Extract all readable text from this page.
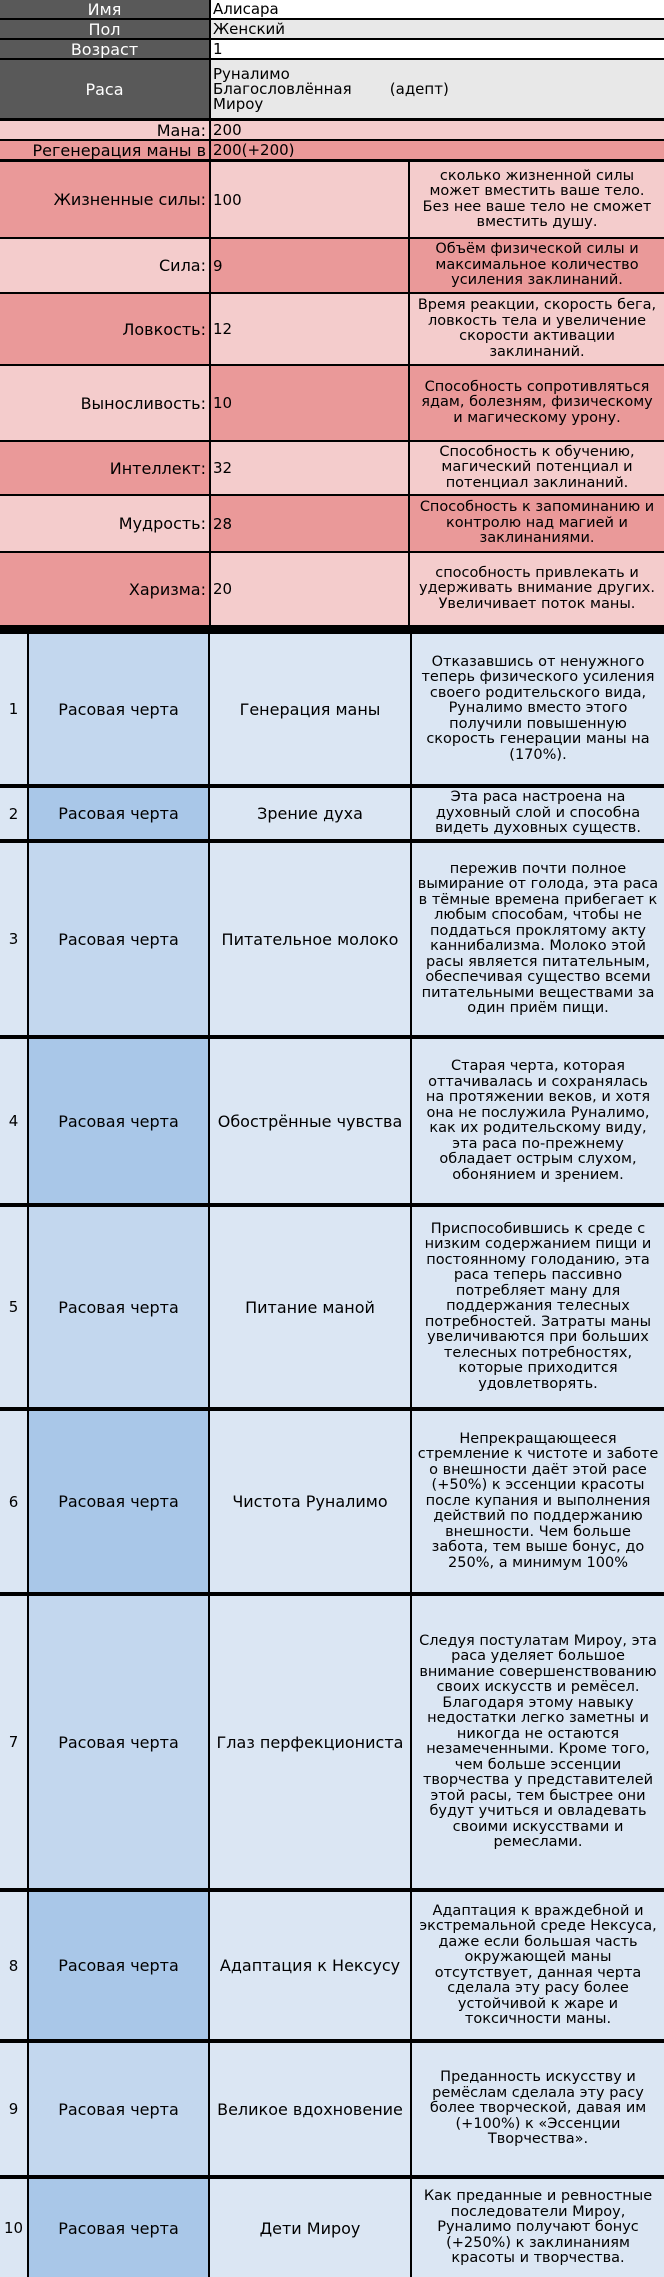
Имя	Алисара
Пол	Женский
Возраст	1
Раса
Руналимо
Благословлённая        (адепт)
Мироу
Мана: 200
Регенерация маны в 200(+200)
Жизненные силы: 100
сколько жизненной силы может вместить ваше тело. Без нее ваше тело не сможет вместить душу.
Сила: 9
Объём физической силы и максимальное количество усиления заклинаний.
Ловкость: 12
Время реакции, скорость бега, ловкость тела и увеличение скорости активации заклинаний.
Выносливость: 10
Способность сопротивляться ядам, болезням, физическому и магическому урону.
Интеллект: 32
Способность к обучению, магический потенциал и потенциал заклинаний.
Мудрость: 28
Способность к запоминанию и контролю над магией и заклинаниями.
Харизма: 20
способность привлекать и удерживать внимание других. Увеличивает поток маны.
1	Расовая черта	Генерация маны
Отказавшись от ненужного теперь физического усиления своего родительского вида, Руналимо вместо этого получили повышенную скорость генерации маны на (170%).
2	Расовая черта	Зрение духа
Эта раса настроена на духовный слой и способна видеть духовных существ.
3	Расовая черта	Питательное молоко
пережив почти полное вымирание от голода, эта раса в тёмные времена прибегает к любым способам, чтобы не поддаться проклятому акту каннибализма. Молоко этой расы является питательным, обеспечивая существо всеми питательными веществами за один приём пищи.
4	Расовая черта	Обострённые чувства
Старая черта, которая оттачивалась и сохранялась на протяжении веков, и хотя она не послужила Руналимо, как их родительскому виду, эта раса по-прежнему обладает острым слухом, обонянием и зрением.
5	Расовая черта	Питание маной
Приспособившись к среде с низким содержанием пищи и постоянному голоданию, эта раса теперь пассивно потребляет ману для поддержания телесных потребностей. Затраты маны увеличиваются при больших телесных потребностях, которые приходится удовлетворять.
6	Расовая черта	Чистота Руналимо
Непрекращающееся стремление к чистоте и заботе о внешности даёт этой расе (+50%) к эссенции красоты после купания и выполнения действий по поддержанию внешности. Чем больше забота, тем выше бонус, до 250%, а минимум 100%
7	Расовая черта	Глаз перфекциониста
Следуя постулатам Мироу, эта раса уделяет большое внимание совершенствованию своих искусств и ремёсел. Благодаря этому навыку недостатки легко заметны и никогда не остаются незамеченными. Кроме того, чем больше эссенции творчества у представителей этой расы, тем быстрее они будут учиться и овладевать своими искусствами и ремеслами.
8	Расовая черта	Адаптация к Нексусу
Адаптация к враждебной и экстремальной среде Нексуса, даже если большая часть окружающей маны отсутствует, данная черта сделала эту расу более устойчивой к жаре и токсичности маны.
9	Расовая черта	Великое вдохновение
Преданность искусству и ремёслам сделала эту расу более творческой, давая им (+100%) к «Эссенции Творчества».
10	Расовая черта	Дети Мироу
Как преданные и ревностные последователи Мироу, Руналимо получают бонус (+250%) к заклинаниям красоты и творчества.
